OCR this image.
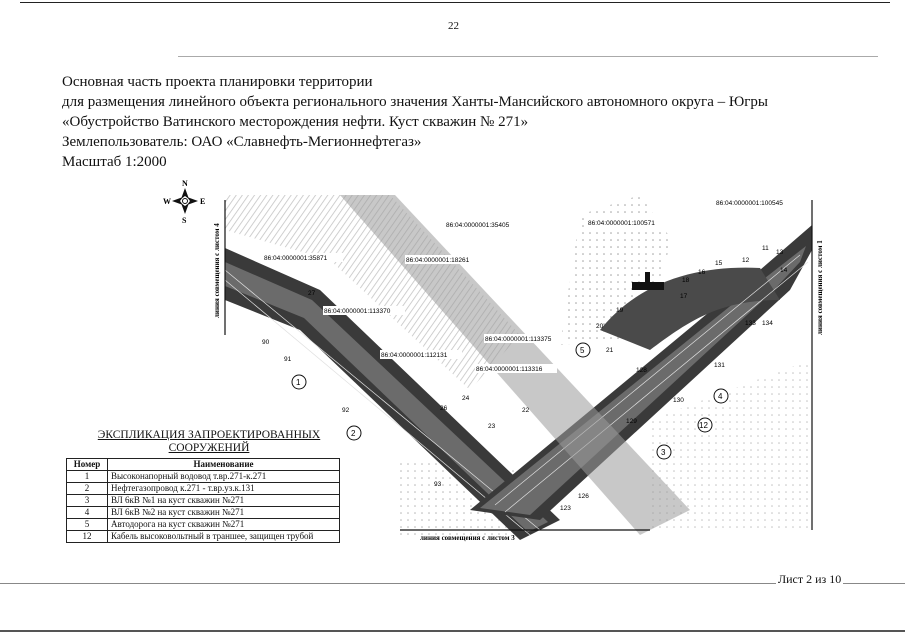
22
Основная часть проекта планировки территории
для размещения линейного объекта регионального значения Ханты-Мансийского автономного округа – Югры
«Обустройство Ватинского месторождения нефти. Куст скважин № 271»
Землепользователь: ОАО «Славнефть-Мегионнефтегаз»
Масштаб 1:2000
N
S
W	E
линия совмещения с листом 4	линия совмещения с листом 1
линия совмещения с листом 3
86:04:0000001:35405	86:04:0000001:100571
86:04:0000001:100545
86:04:0000001:35871	86:04:0000001:18261
86:04:0000001:113370
86:04:0000001:113375
86:04:0000001:112131
86:04:0000001:113316
27
90
91
92
24
26
23
22
93
19
20
21
18
16
15
11
12
13
14
133 134
126
123
128
129
130
131
17
1
2
3
4
5
12
ЭКСПЛИКАЦИЯ ЗАПРОЕКТИРОВАННЫХ
СООРУЖЕНИЙ
Номер	Наименование
1	Высоконапорный водовод т.вр.271-к.271
2	Нефтегазопровод к.271 - т.вр.уз.к.131
3	ВЛ 6кВ №1 на куст скважин №271
4	ВЛ 6кВ №2 на куст скважин №271
5	Автодорога на куст скважин №271
12	Кабель высоковольтный в траншее, защищен трубой
Лист 2 из 10
